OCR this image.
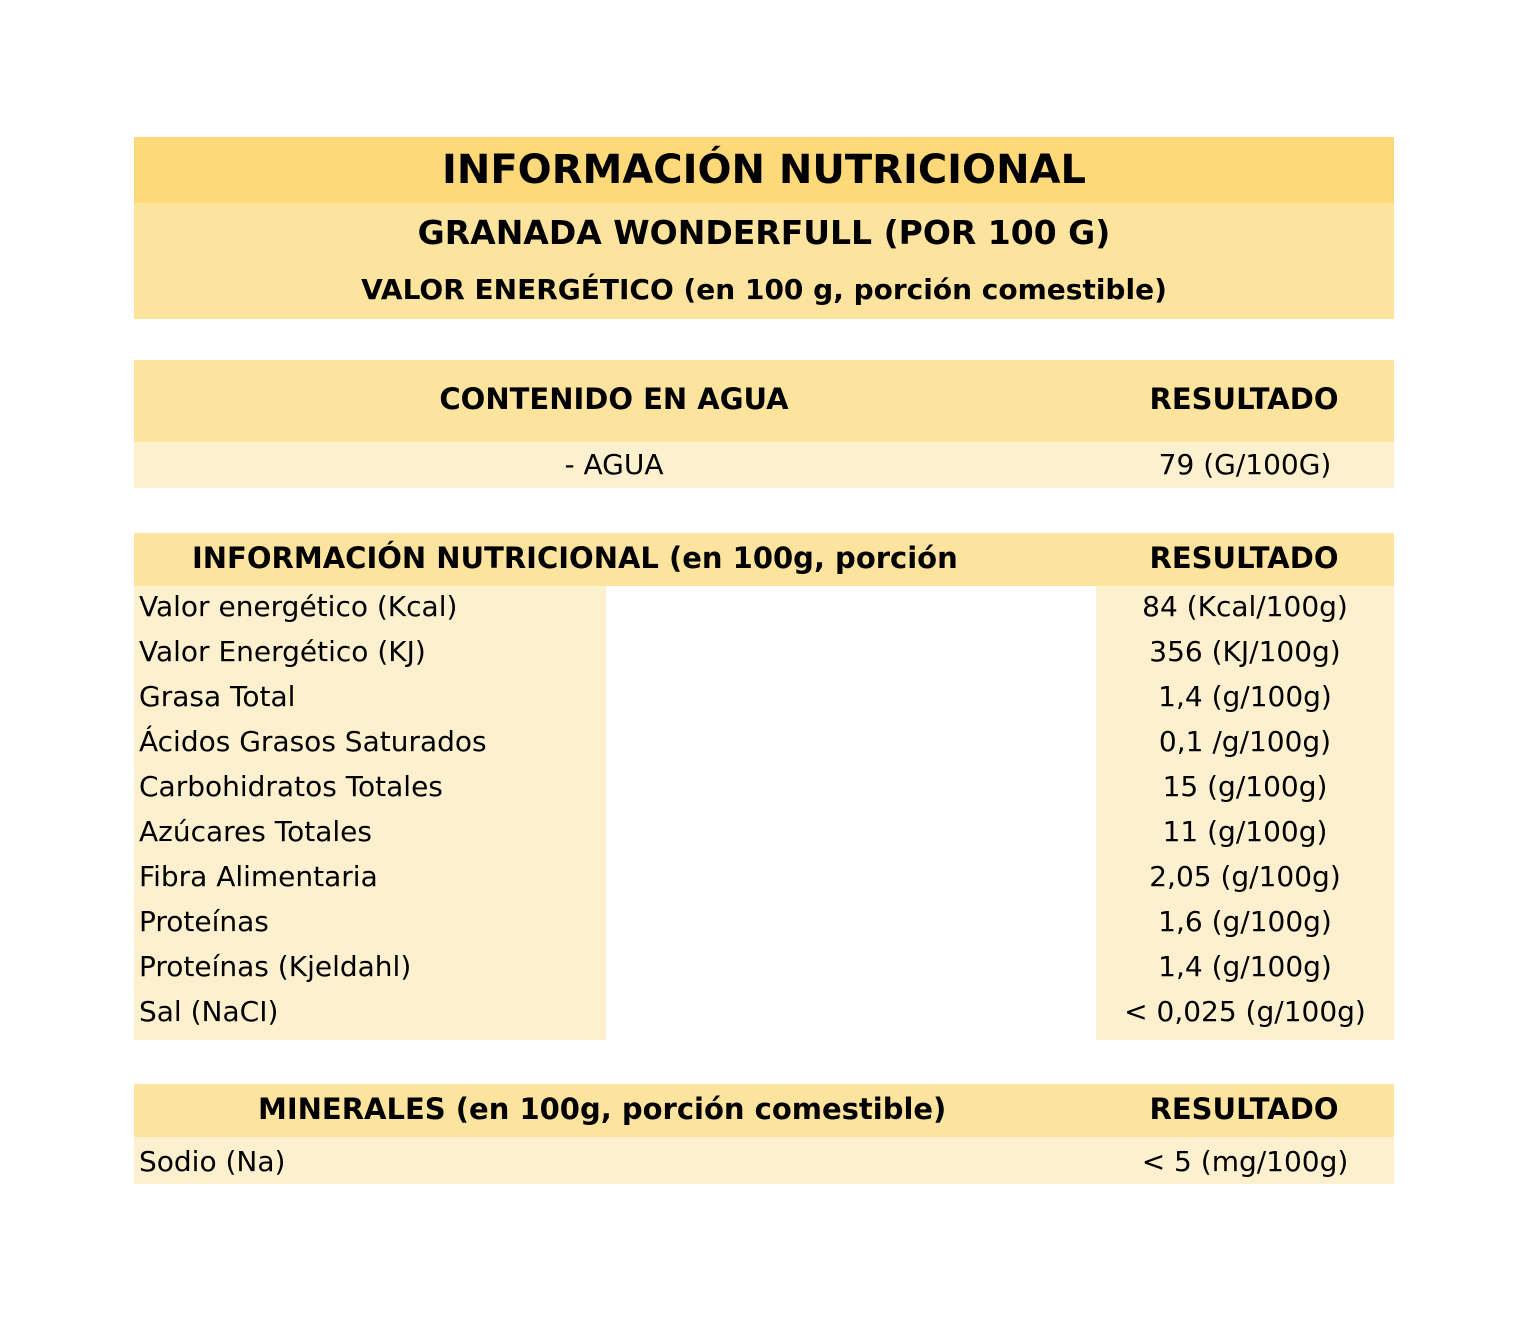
INFORMACIÓN NUTRICIONAL
GRANADA WONDERFULL (POR 100 G)
VALOR ENERGÉTICO (en 100 g, porción comestible)
CONTENIDO EN AGUA	RESULTADO
- AGUA	79 (G/100G)
INFORMACIÓN NUTRICIONAL (en 100g, porción	RESULTADO
Valor energético (Kcal)	84 (Kcal/100g)
Valor Energético (KJ)	356 (KJ/100g)
Grasa Total	1,4 (g/100g)
Ácidos Grasos Saturados	0,1 /g/100g)
Carbohidratos Totales	15 (g/100g)
Azúcares Totales	11 (g/100g)
Fibra Alimentaria	2,05 (g/100g)
Proteínas	1,6 (g/100g)
Proteínas (Kjeldahl)	1,4 (g/100g)
Sal (NaCI)	< 0,025 (g/100g)
MINERALES (en 100g, porción comestible)	RESULTADO
Sodio (Na)	< 5 (mg/100g)
